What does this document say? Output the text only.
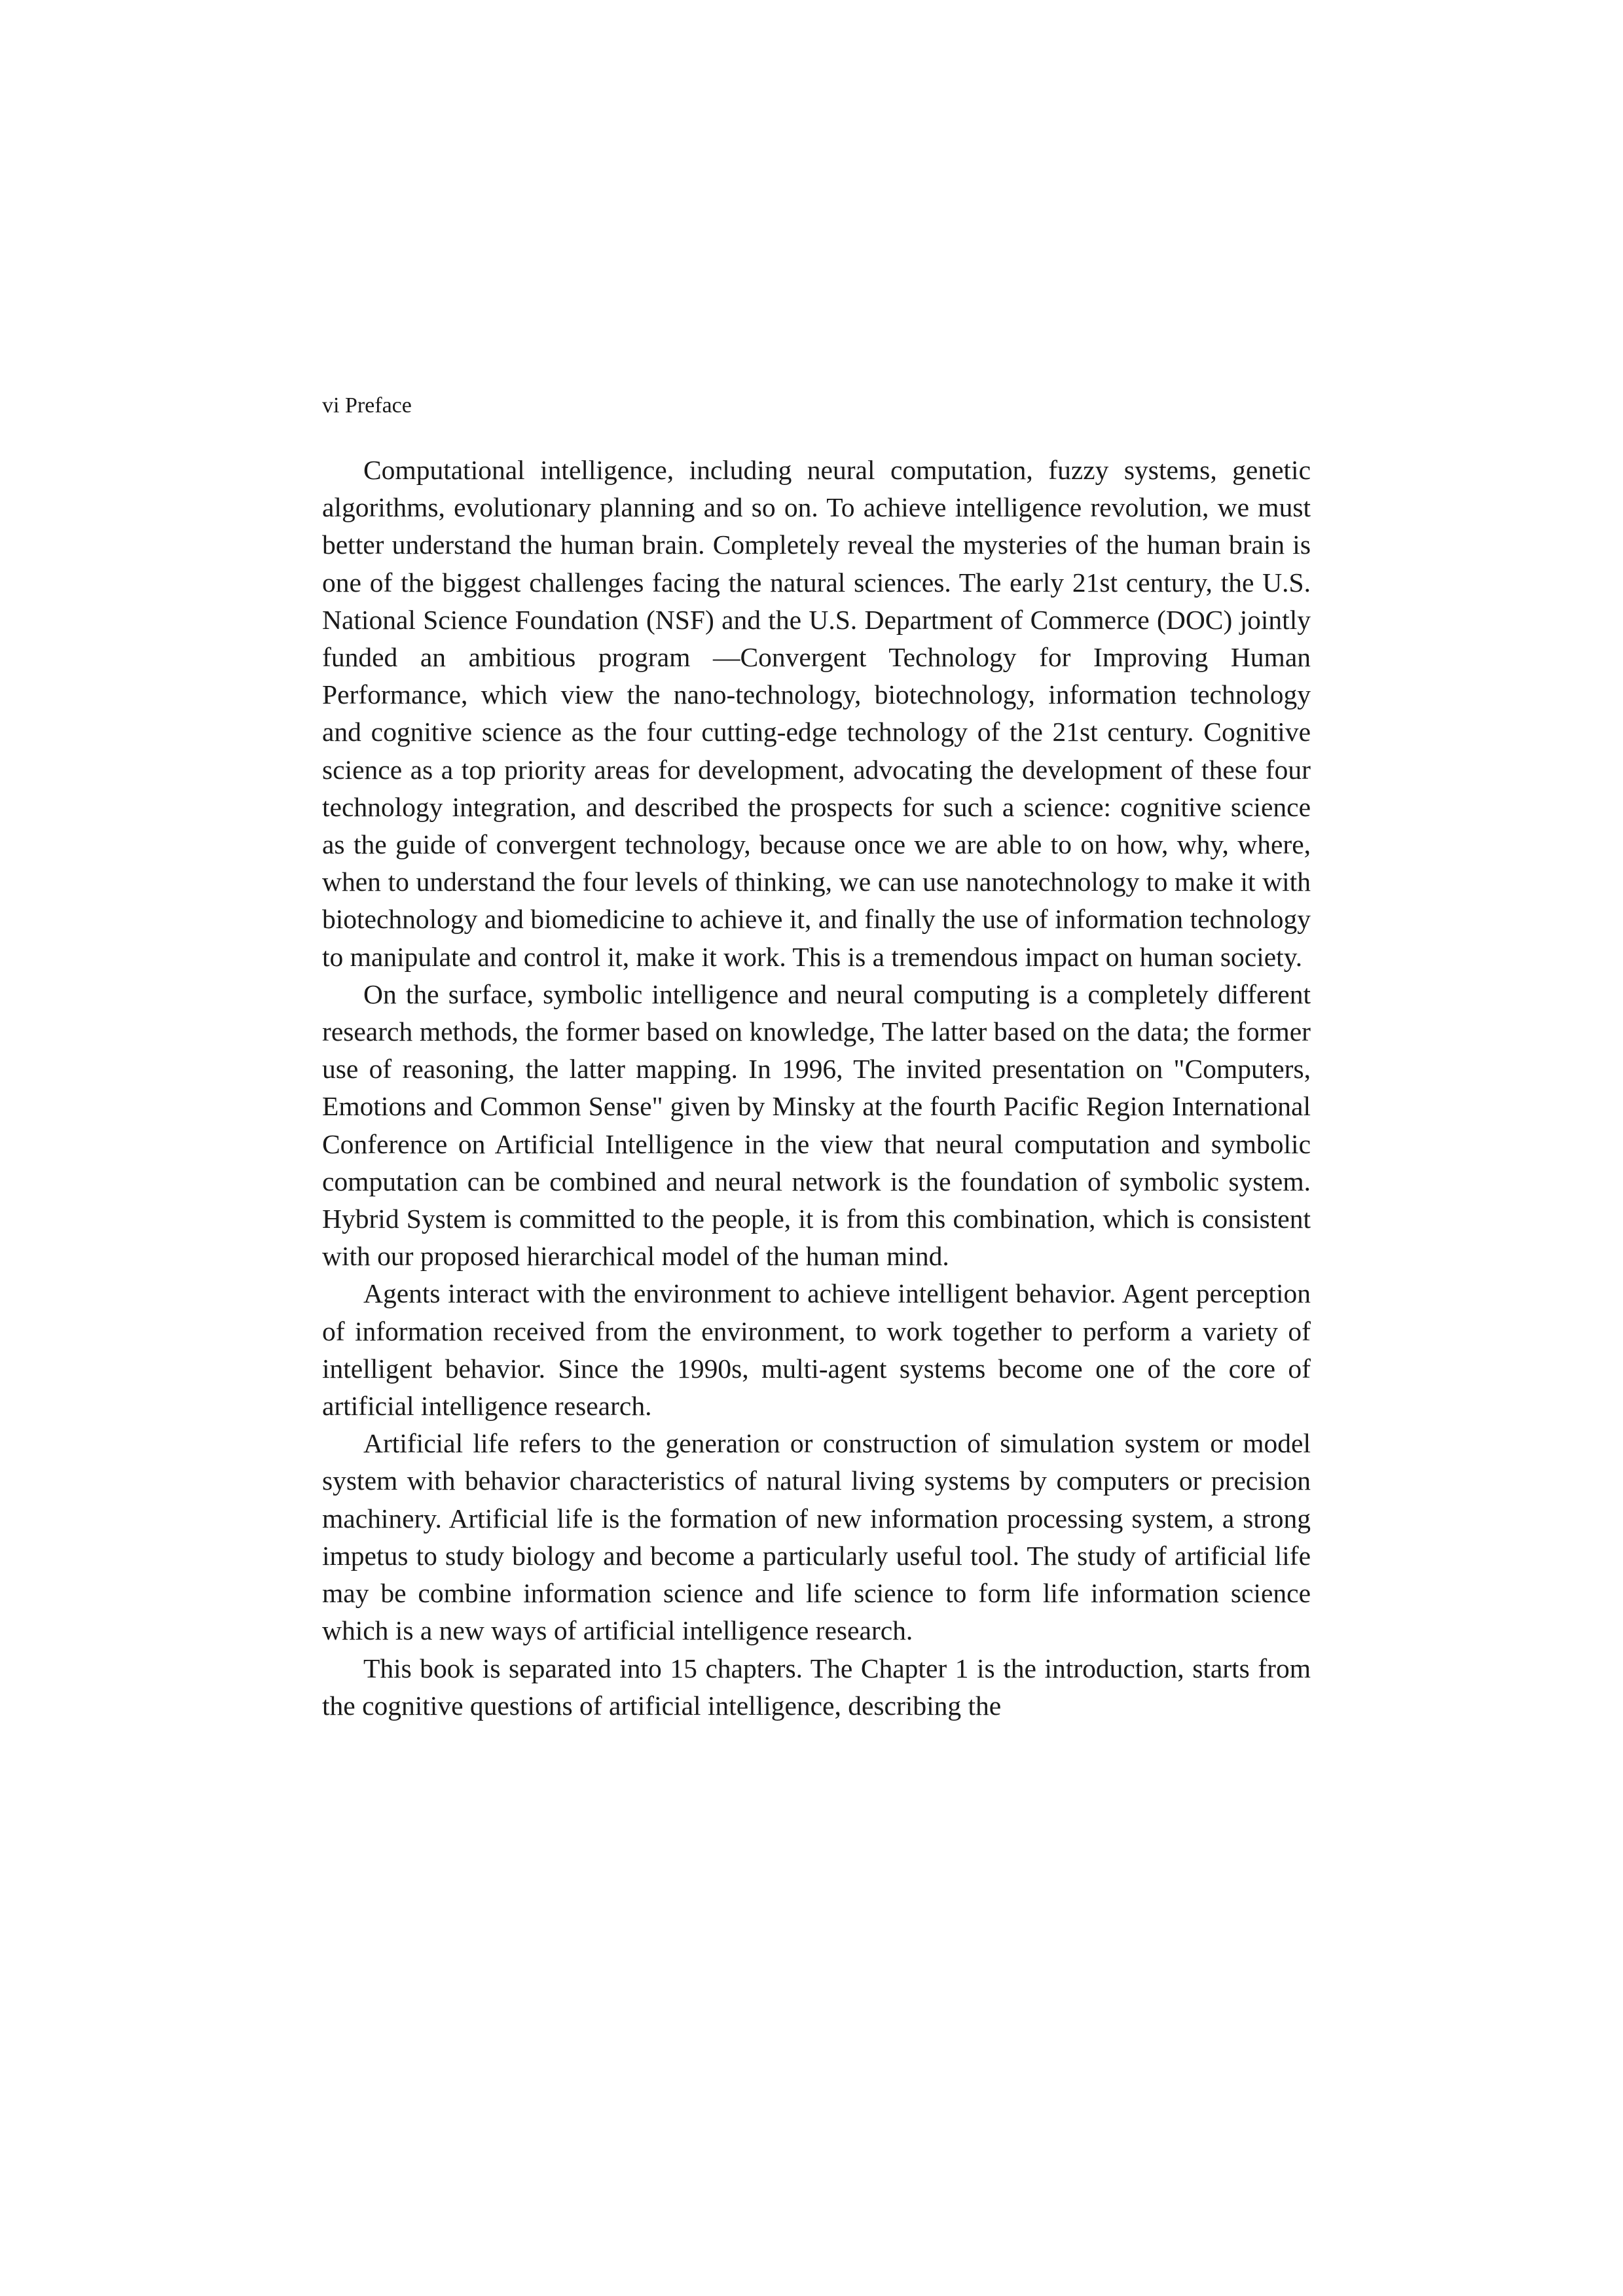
vi Preface

Computational intelligence, including neural computation, fuzzy systems, genetic algorithms, evolutionary planning and so on. To achieve intelligence revolution, we must better understand the human brain. Completely reveal the mysteries of the human brain is one of the biggest challenges facing the natural sciences. The early 21st century, the U.S. National Science Foundation (NSF) and the U.S. Department of Commerce (DOC) jointly funded an ambitious program —Convergent Technology for Improving Human Performance, which view the nano-technology, biotechnology, information technology and cognitive science as the four cutting-edge technology of the 21st century. Cognitive science as a top priority areas for development, advocating the development of these four technology integration, and described the prospects for such a science: cognitive science as the guide of convergent technology, because once we are able to on how, why, where, when to understand the four levels of thinking, we can use nanotechnology to make it with biotechnology and biomedicine to achieve it, and finally the use of information technology to manipulate and control it, make it work. This is a tremendous impact on human society.

On the surface, symbolic intelligence and neural computing is a completely different research methods, the former based on knowledge, The latter based on the data; the former use of reasoning, the latter mapping. In 1996, The invited presentation on "Computers, Emotions and Common Sense" given by Minsky at the fourth Pacific Region International Conference on Artificial Intelligence in the view that neural computation and symbolic computation can be combined and neural network is the foundation of symbolic system. Hybrid System is committed to the people, it is from this combination, which is consistent with our proposed hierarchical model of the human mind.

Agents interact with the environment to achieve intelligent behavior. Agent perception of information received from the environment, to work together to perform a variety of intelligent behavior. Since the 1990s, multi-agent systems become one of the core of artificial intelligence research.

Artificial life refers to the generation or construction of simulation system or model system with behavior characteristics of natural living systems by computers or precision machinery. Artificial life is the formation of new information processing system, a strong impetus to study biology and become a particularly useful tool. The study of artificial life may be combine information science and life science to form life information science which is a new ways of artificial intelligence research.

This book is separated into 15 chapters. The Chapter 1 is the introduction, starts from the cognitive questions of artificial intelligence, describing the
